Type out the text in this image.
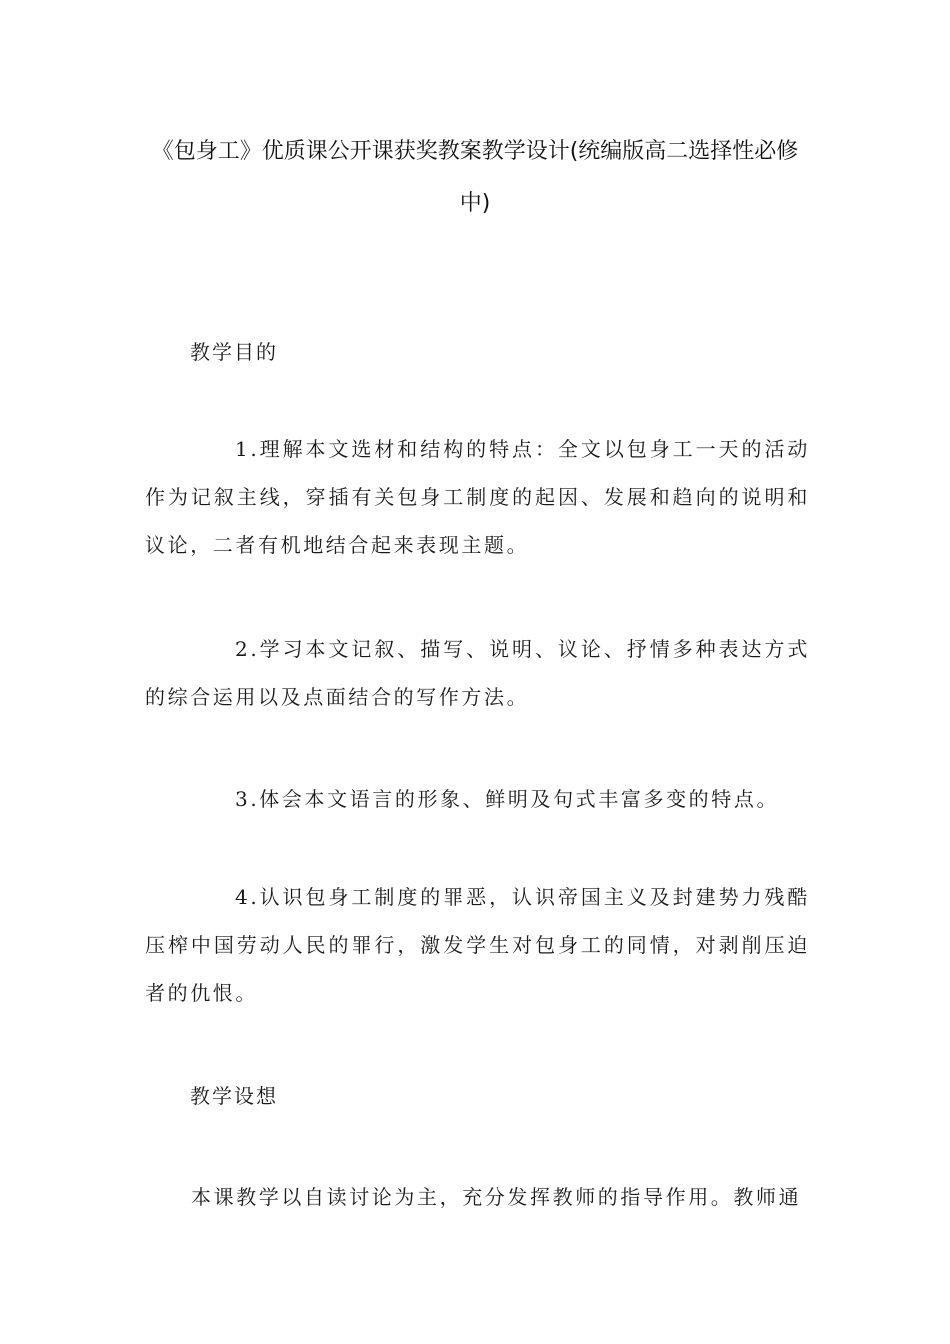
《包身工》优质课公开课获奖教案教学设计(统编版高二选择性必修中)
教学目的

1.理解本文选材和结构的特点：全文以包身工一天的活动作为记叙主线，穿插有关包身工制度的起因、发展和趋向的说明和议论，二者有机地结合起来表现主题。

2.学习本文记叙、描写、说明、议论、抒情多种表达方式的综合运用以及点面结合的写作方法。

3.体会本文语言的形象、鲜明及句式丰富多变的特点。

4.认识包身工制度的罪恶，认识帝国主义及封建势力残酷压榨中国劳动人民的罪行，激发学生对包身工的同情，对剥削压迫者的仇恨。

教学设想

本课教学以自读讨论为主，充分发挥教师的指导作用。教师通
